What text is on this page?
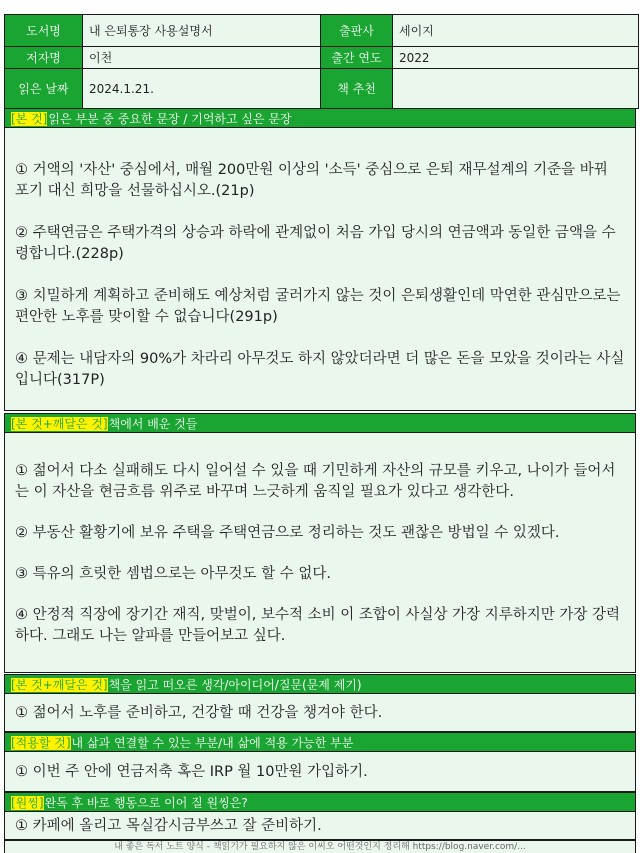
도서명	내 은퇴통장 사용설명서	출판사	세이지
저자명	이천	출간 연도	2022
읽은 날짜	2024.1.21.	책 추천	
[본 것]읽은 부분 중 중요한 문장 / 기억하고 싶은 문장

① 거액의 '자산' 중심에서, 매월 200만원 이상의 '소득' 중심으로 은퇴 재무설계의 기준을 바꿔 포기 대신 희망을 선물하십시오.(21p)

② 주택연금은 주택가격의 상승과 하락에 관계없이 처음 가입 당시의 연금액과 동일한 금액을 수령합니다.(228p)

③ 치밀하게 계획하고 준비해도 예상처럼 굴러가지 않는 것이 은퇴생활인데 막연한 관심만으로는 편안한 노후를 맞이할 수 없습니다(291p)

④ 문제는 내담자의 90%가 차라리 아무것도 하지 않았더라면 더 많은 돈을 모았을 것이라는 사실입니다(317P)

[본 것+깨달은 것]책에서 배운 것들

① 젊어서 다소 실패해도 다시 일어설 수 있을 때 기민하게 자산의 규모를 키우고, 나이가 들어서는 이 자산을 현금흐름 위주로 바꾸며 느긋하게 움직일 필요가 있다고 생각한다.

② 부동산 활황기에 보유 주택을 주택연금으로 정리하는 것도 괜찮은 방법일 수 있겠다.

③ 특유의 흐릿한 셈법으로는 아무것도 할 수 없다.

④ 안정적 직장에 장기간 재직, 맞벌이, 보수적 소비 이 조합이 사실상 가장 지루하지만 가장 강력하다. 그래도 나는 알파를 만들어보고 싶다.

[본 것+깨달은 것]책을 읽고 떠오른 생각/아이디어/질문(문제 제기)

① 젊어서 노후를 준비하고, 건강할 때 건강을 챙겨야 한다.

[적용할 것]내 삶과 연결할 수 있는 부분/내 삶에 적용 가능한 부분

① 이번 주 안에 연금저축 혹은 IRP 월 10만원 가입하기.

[원씽]완독 후 바로 행동으로 이어 질 원씽은?

① 카페에 올리고 목실감시금부쓰고 잘 준비하기.

내 좋은 독서 노트 양식 - 책읽기가 필요하지 않은 이씨오 어떤것인지 정리해 https://blog.naver.com/...
